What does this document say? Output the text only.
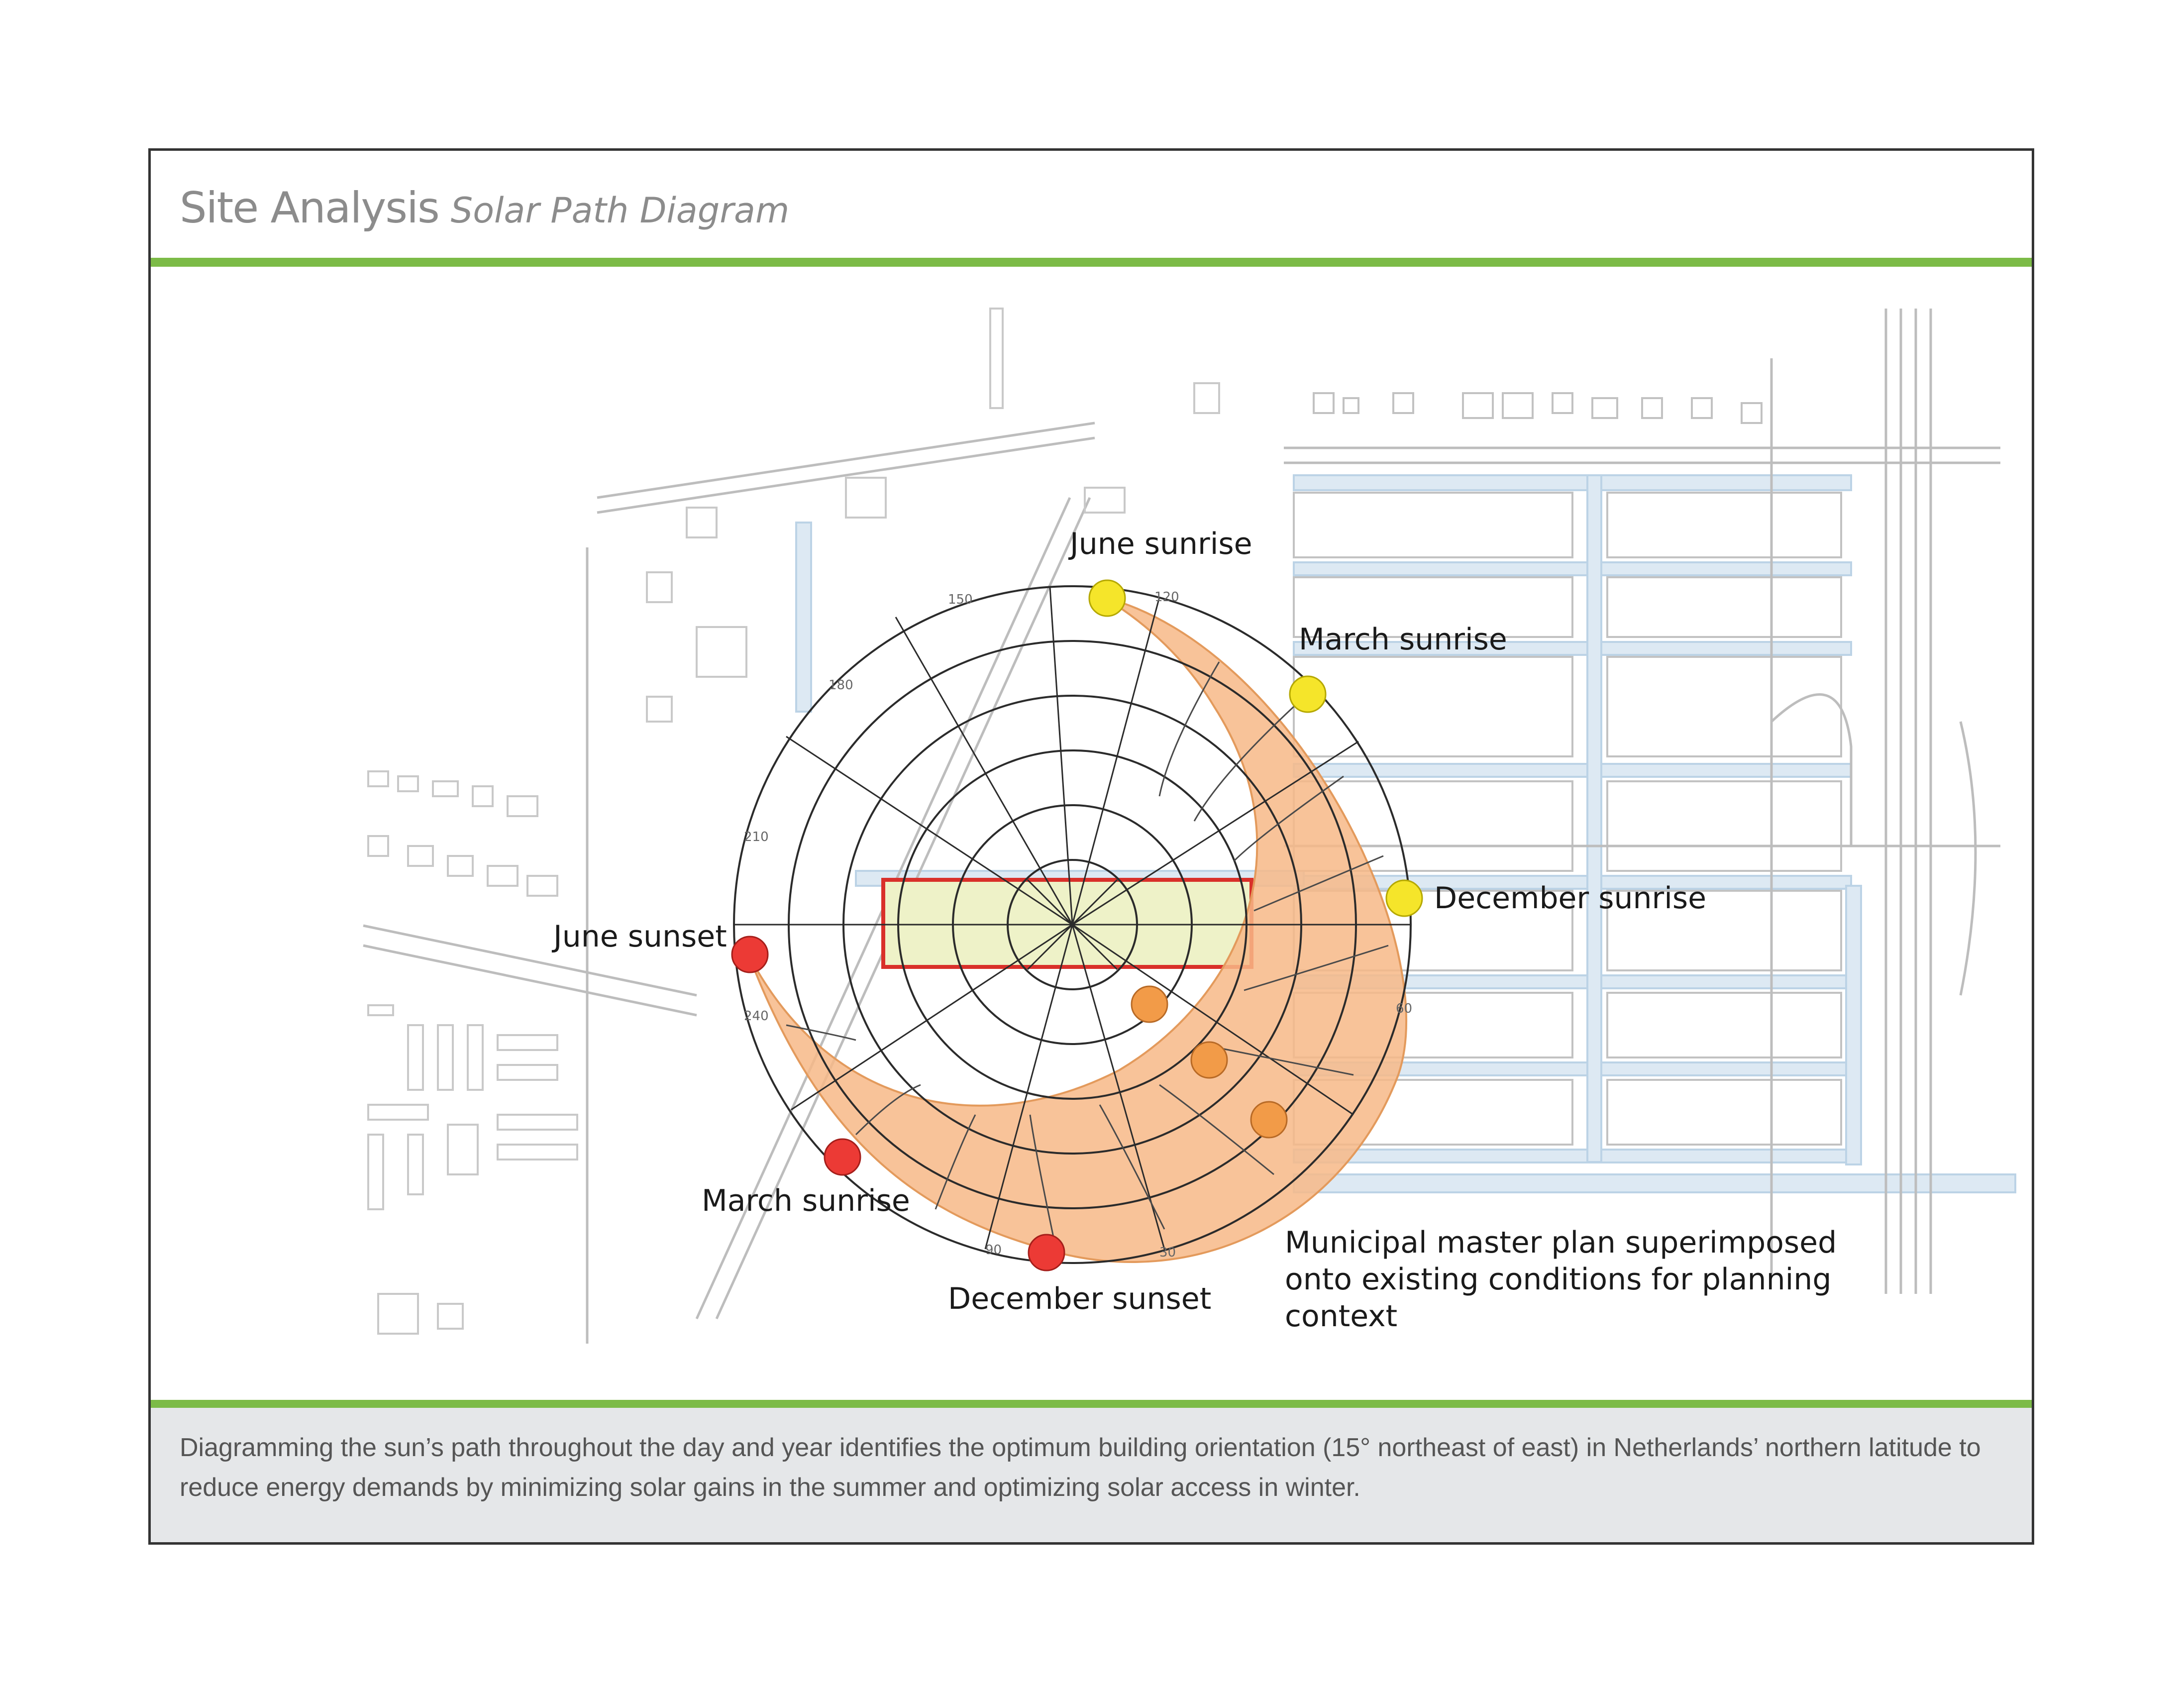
Site Analysis Solar Path Diagram
Diagramming the sun’s path throughout the day and year identifies the optimum building orientation (15° northeast of east) in Netherlands’ northern latitude to reduce energy demands by minimizing solar gains in the summer and optimizing solar access in winter.
150	120
180
210
240	60
90	30
June sunrise
March sunrise
December sunrise
June sunset
March sunrise
December sunset
Municipal master plan superimposed onto existing conditions for planning context
